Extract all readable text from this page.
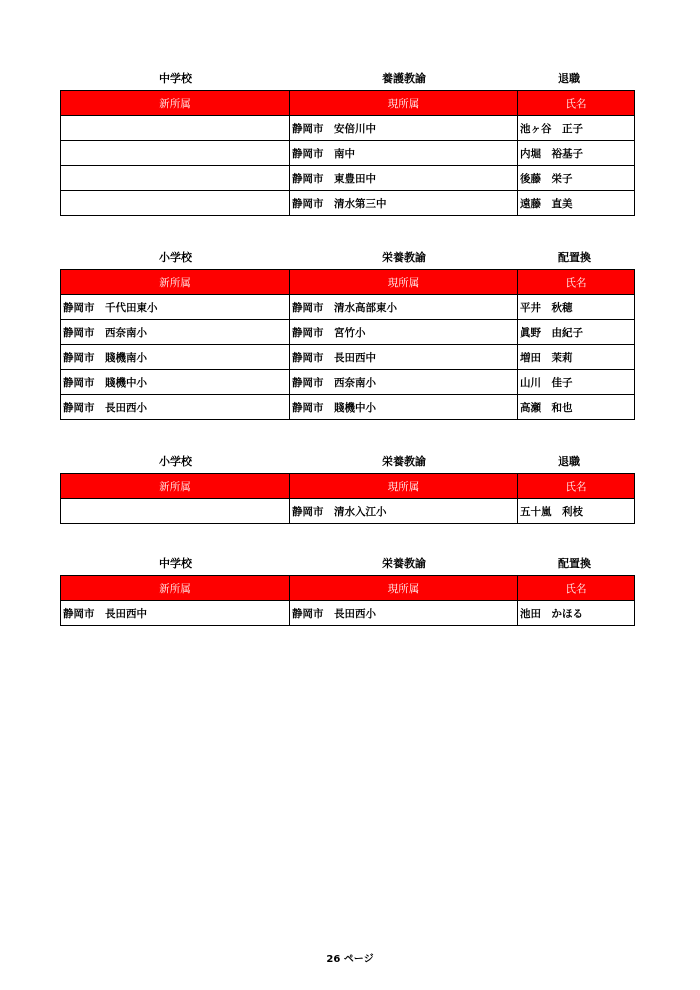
中学校	養護教諭	退職
新所属	現所属	氏名
	静岡市　安倍川中	池ヶ谷　正子
	静岡市　南中	内堀　裕基子
	静岡市　東豊田中	後藤　栄子
	静岡市　清水第三中	遠藤　直美
小学校	栄養教諭	配置換
新所属	現所属	氏名
静岡市　千代田東小	静岡市　清水高部東小	平井　秋穂
静岡市　西奈南小	静岡市　宮竹小	眞野　由紀子
静岡市　賤機南小	静岡市　長田西中	増田　茉莉
静岡市　賤機中小	静岡市　西奈南小	山川　佳子
静岡市　長田西小	静岡市　賤機中小	高瀬　和也
小学校	栄養教諭	退職
新所属	現所属	氏名
	静岡市　清水入江小	五十嵐　利枝
中学校	栄養教諭	配置換
新所属	現所属	氏名
静岡市　長田西中	静岡市　長田西小	池田　かほる
26 ページ
